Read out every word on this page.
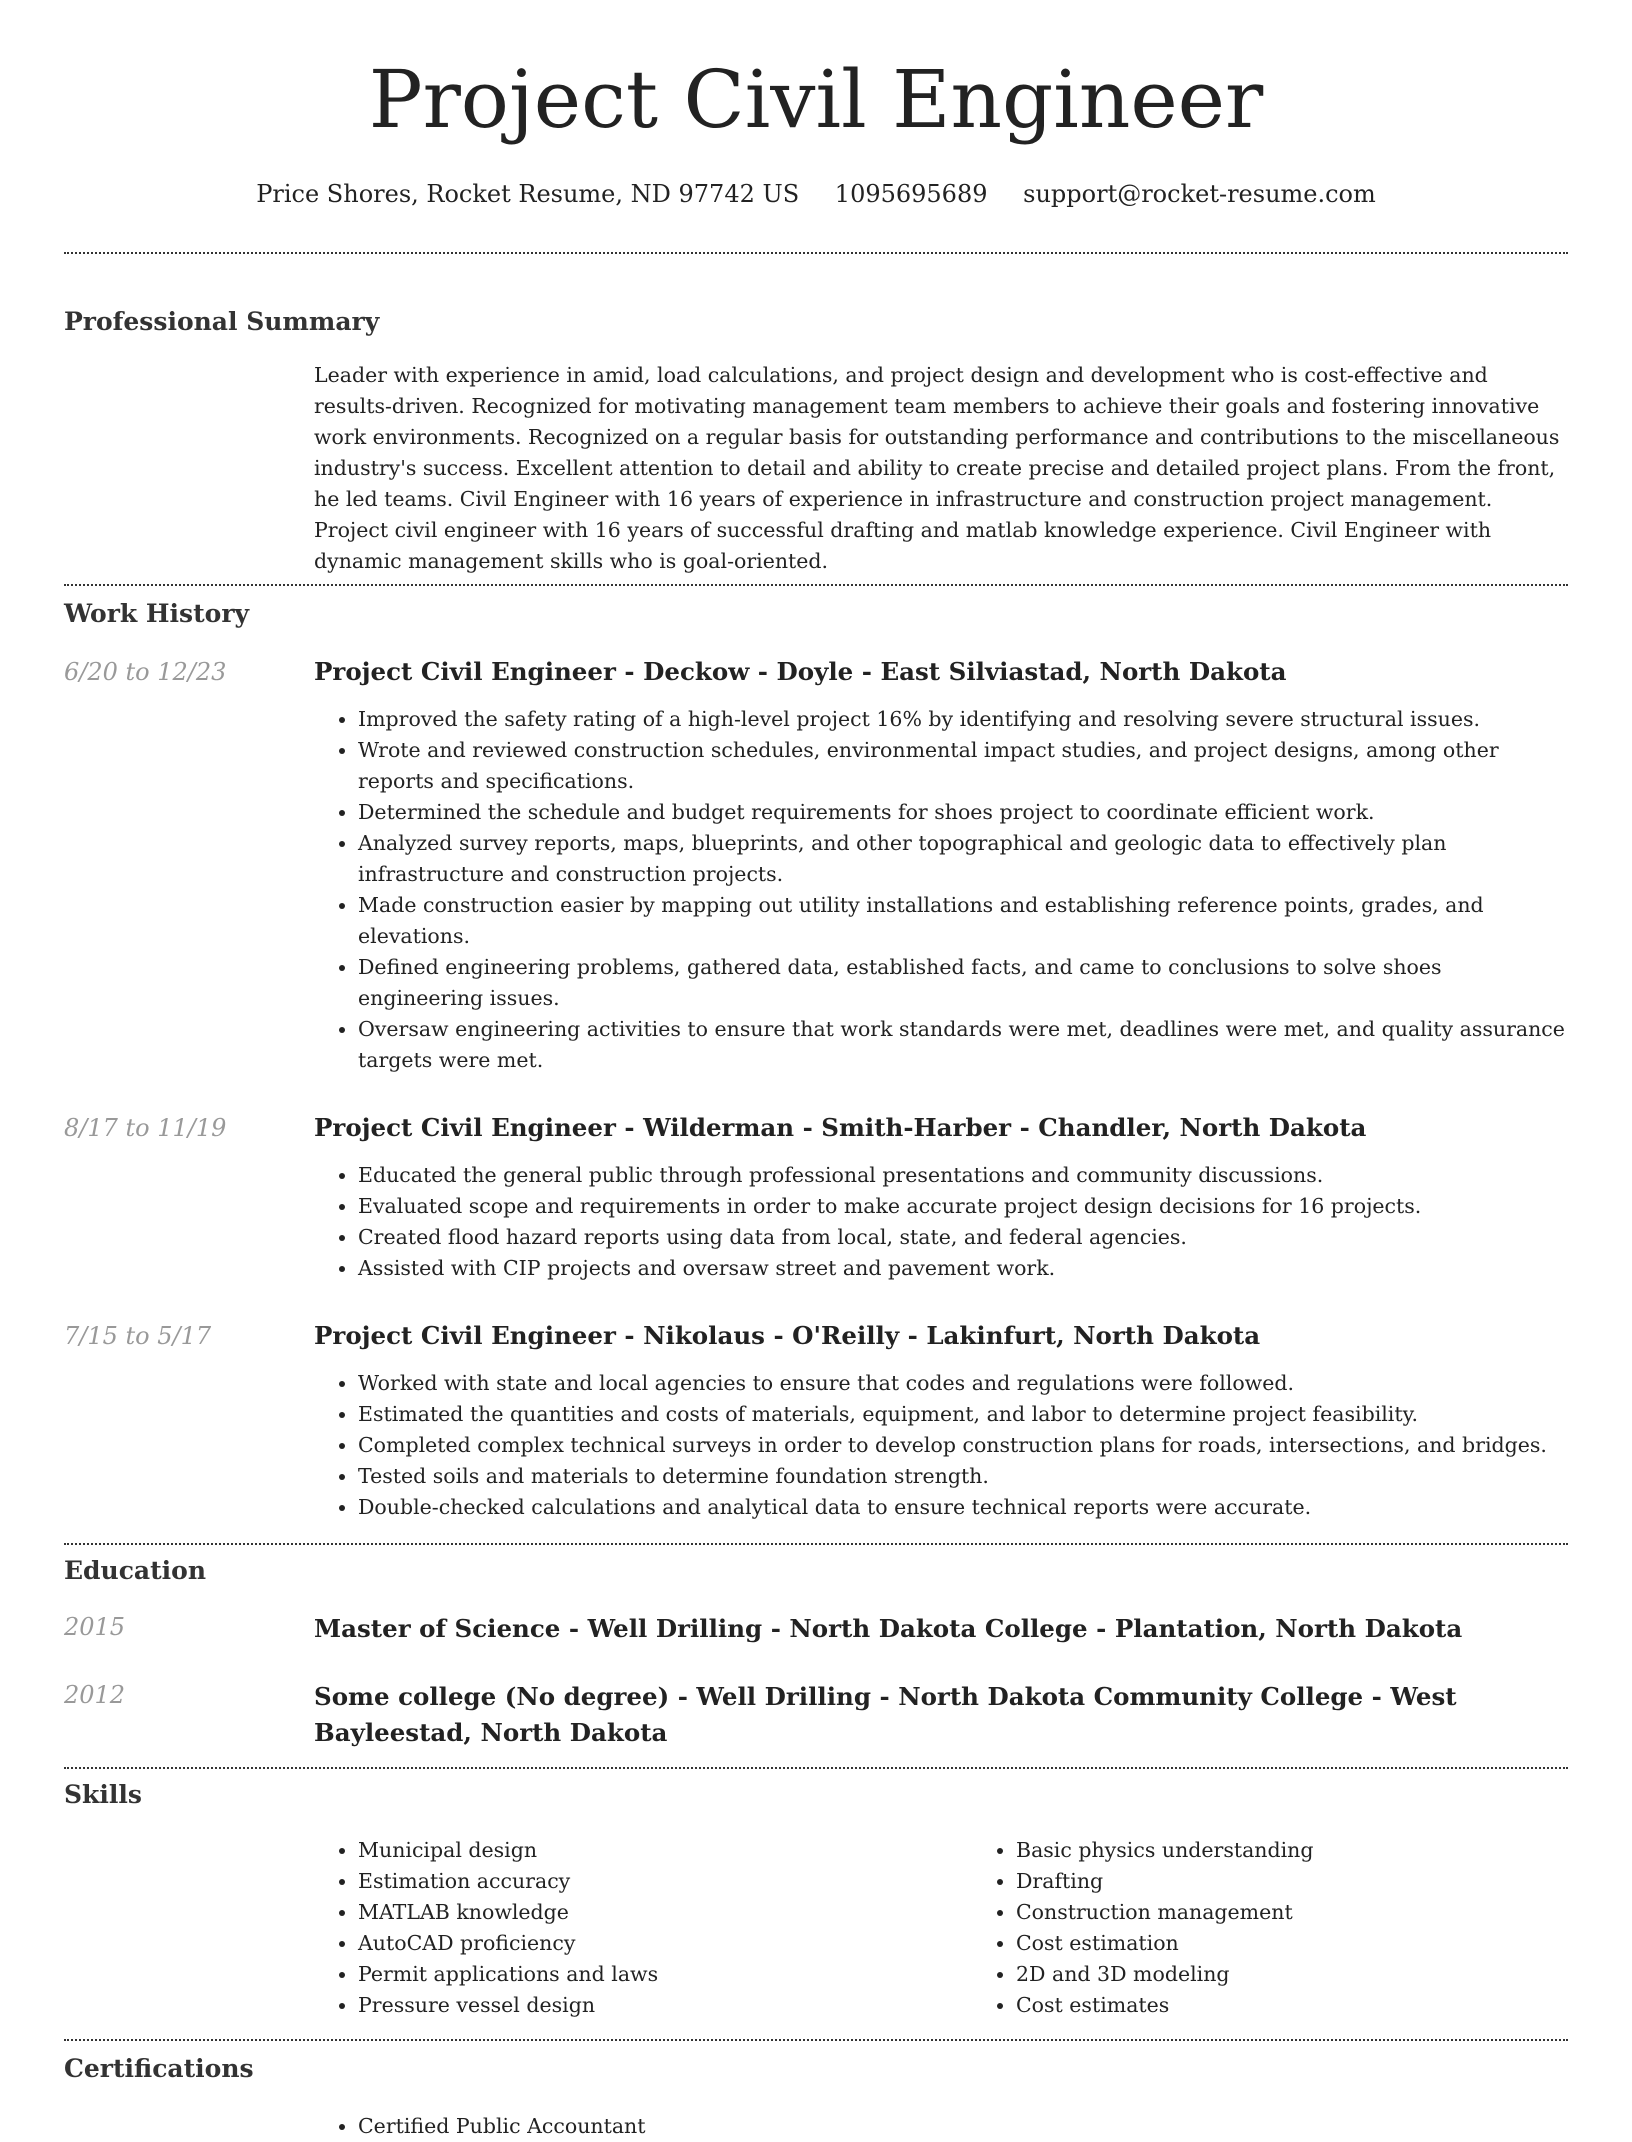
Project Civil Engineer
Price Shores, Rocket Resume, ND 97742 US 1095695689 support@rocket-resume.com
Professional Summary

Leader with experience in amid, load calculations, and project design and development who is cost-effective and results-driven. Recognized for motivating management team members to achieve their goals and fostering innovative work environments. Recognized on a regular basis for outstanding performance and contributions to the miscellaneous industry's success. Excellent attention to detail and ability to create precise and detailed project plans. From the front, he led teams. Civil Engineer with 16 years of experience in infrastructure and construction project management. Project civil engineer with 16 years of successful drafting and matlab knowledge experience. Civil Engineer with dynamic management skills who is goal-oriented.

Work History
6/20 to 12/23	Project Civil Engineer - Deckow - Doyle - East Silviastad, North Dakota
• Improved the safety rating of a high-level project 16% by identifying and resolving severe structural issues.
• Wrote and reviewed construction schedules, environmental impact studies, and project designs, among other reports and specifications.
• Determined the schedule and budget requirements for shoes project to coordinate efficient work.
• Analyzed survey reports, maps, blueprints, and other topographical and geologic data to effectively plan infrastructure and construction projects.
• Made construction easier by mapping out utility installations and establishing reference points, grades, and elevations.
• Defined engineering problems, gathered data, established facts, and came to conclusions to solve shoes engineering issues.
• Oversaw engineering activities to ensure that work standards were met, deadlines were met, and quality assurance targets were met.
8/17 to 11/19	Project Civil Engineer - Wilderman - Smith-Harber - Chandler, North Dakota
• Educated the general public through professional presentations and community discussions.
• Evaluated scope and requirements in order to make accurate project design decisions for 16 projects.
• Created flood hazard reports using data from local, state, and federal agencies.
• Assisted with CIP projects and oversaw street and pavement work.
7/15 to 5/17	Project Civil Engineer - Nikolaus - O'Reilly - Lakinfurt, North Dakota
• Worked with state and local agencies to ensure that codes and regulations were followed.
• Estimated the quantities and costs of materials, equipment, and labor to determine project feasibility.
• Completed complex technical surveys in order to develop construction plans for roads, intersections, and bridges.
• Tested soils and materials to determine foundation strength.
• Double-checked calculations and analytical data to ensure technical reports were accurate.
Education
2015	Master of Science - Well Drilling - North Dakota College - Plantation, North Dakota
2012	Some college (No degree) - Well Drilling - North Dakota Community College - West Bayleestad, North Dakota
Skills
• Municipal design
• Estimation accuracy
• MATLAB knowledge
• AutoCAD proficiency
• Permit applications and laws
• Pressure vessel design
• Basic physics understanding
• Drafting
• Construction management
• Cost estimation
• 2D and 3D modeling
• Cost estimates
Certifications
• Certified Public Accountant
